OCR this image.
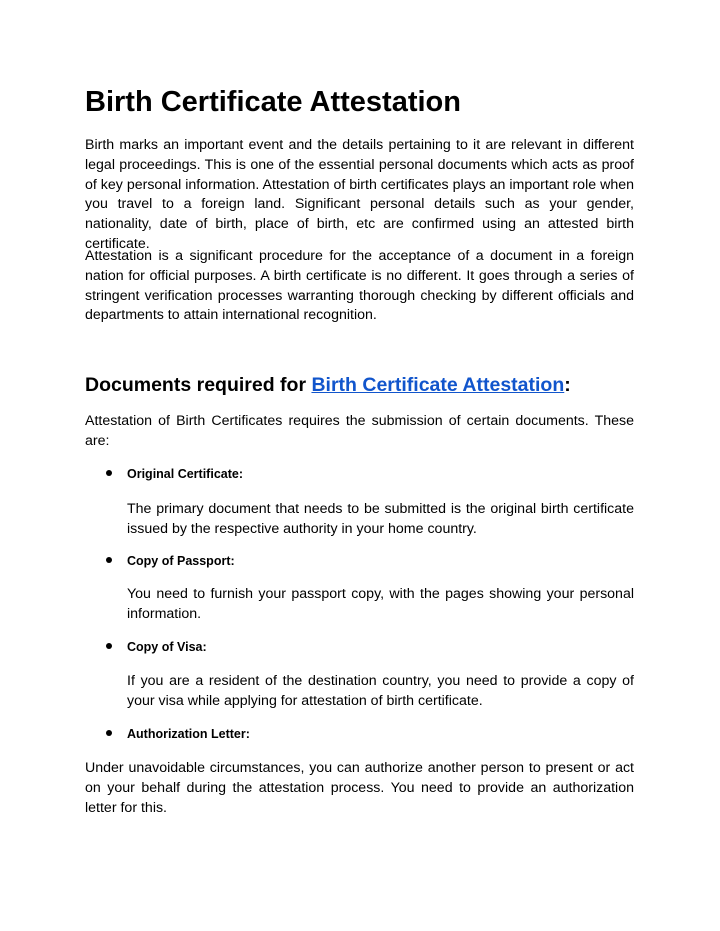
Birth Certificate Attestation

Birth marks an important event and the details pertaining to it are relevant in different legal proceedings. This is one of the essential personal documents which acts as proof of key personal information. Attestation of birth certificates plays an important role when you travel to a foreign land. Significant personal details such as your gender, nationality, date of birth, place of birth, etc are confirmed using an attested birth certificate.

Attestation is a significant procedure for the acceptance of a document in a foreign nation for official purposes. A birth certificate is no different. It goes through a series of stringent verification processes warranting thorough checking by different officials and departments to attain international recognition.

Documents required for Birth Certificate Attestation:

Attestation of Birth Certificates requires the submission of certain documents. These are:

Original Certificate:

The primary document that needs to be submitted is the original birth certificate issued by the respective authority in your home country.

Copy of Passport:

You need to furnish your passport copy, with the pages showing your personal information.

Copy of Visa:

If you are a resident of the destination country, you need to provide a copy of your visa while applying for attestation of birth certificate.

Authorization Letter:

Under unavoidable circumstances, you can authorize another person to present or act on your behalf during the attestation process. You need to provide an authorization letter for this.
